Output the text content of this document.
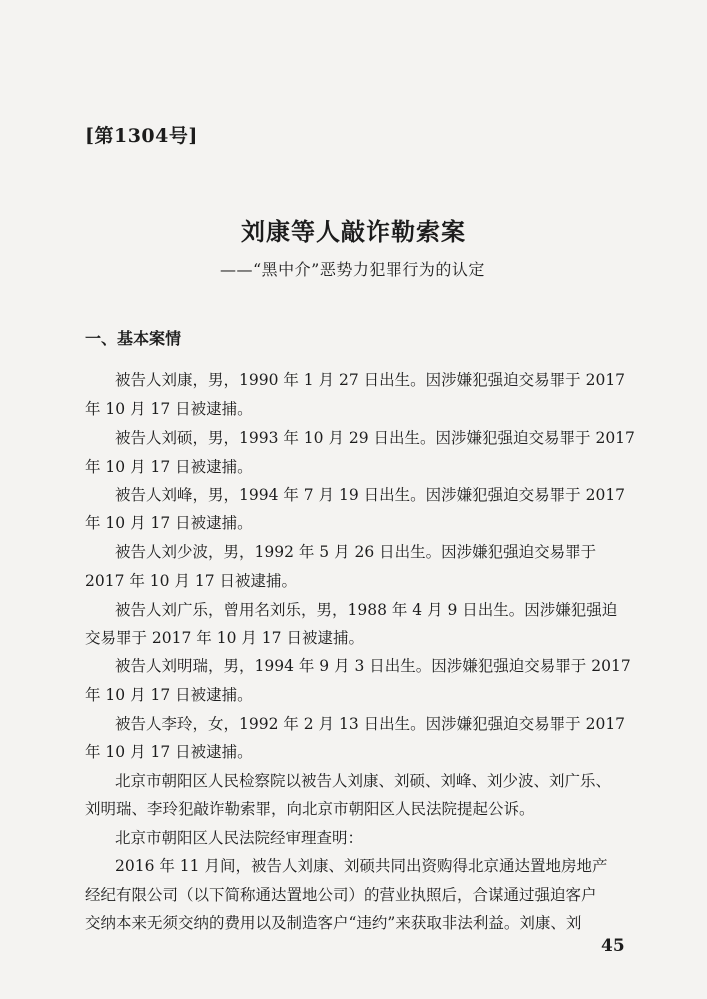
[第1304号]
刘康等人敲诈勒索案
——“黑中介”恶势力犯罪行为的认定
一、基本案情
被告人刘康，男，1990 年 1 月 27 日出生。因涉嫌犯强迫交易罪于 2017
年 10 月 17 日被逮捕。
被告人刘硕，男，1993 年 10 月 29 日出生。因涉嫌犯强迫交易罪于 2017
年 10 月 17 日被逮捕。
被告人刘峰，男，1994 年 7 月 19 日出生。因涉嫌犯强迫交易罪于 2017
年 10 月 17 日被逮捕。
被告人刘少波，男，1992 年 5 月 26 日出生。因涉嫌犯强迫交易罪于
2017 年 10 月 17 日被逮捕。
被告人刘广乐，曾用名刘乐，男，1988 年 4 月 9 日出生。因涉嫌犯强迫
交易罪于 2017 年 10 月 17 日被逮捕。
被告人刘明瑞，男，1994 年 9 月 3 日出生。因涉嫌犯强迫交易罪于 2017
年 10 月 17 日被逮捕。
被告人李玲，女，1992 年 2 月 13 日出生。因涉嫌犯强迫交易罪于 2017
年 10 月 17 日被逮捕。
北京市朝阳区人民检察院以被告人刘康、刘硕、刘峰、刘少波、刘广乐、
刘明瑞、李玲犯敲诈勒索罪，向北京市朝阳区人民法院提起公诉。
北京市朝阳区人民法院经审理查明：
2016 年 11 月间，被告人刘康、刘硕共同出资购得北京通达置地房地产
经纪有限公司（以下简称通达置地公司）的营业执照后，合谋通过强迫客户
交纳本来无须交纳的费用以及制造客户“违约”来获取非法利益。刘康、刘
45
